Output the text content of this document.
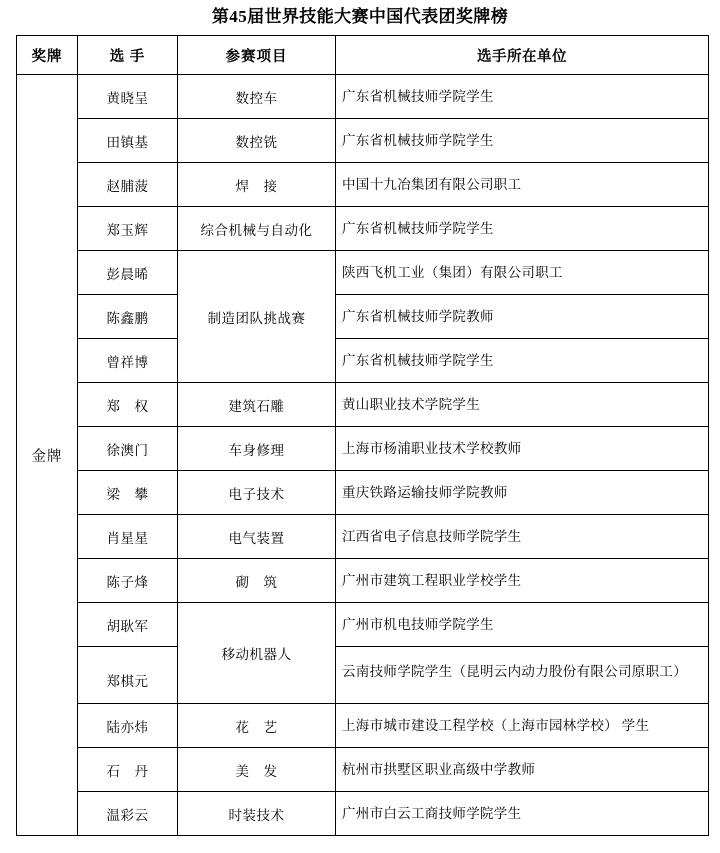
第45届世界技能大赛中国代表团奖牌榜
奖牌	选 手	参赛项目	选手所在单位
金牌	黄晓呈	数控车	广东省机械技师学院学生
	田镇基	数控铣	广东省机械技师学院学生
	赵脯菠	焊　接	中国十九冶集团有限公司职工
	郑玉辉	综合机械与自动化	广东省机械技师学院学生
	彭晨晞	制造团队挑战赛	陕西飞机工业（集团）有限公司职工
	陈鑫鹏		广东省机械技师学院教师
	曾祥博		广东省机械技师学院学生
	郑　权	建筑石雕	黄山职业技术学院学生
	徐澳门	车身修理	上海市杨浦职业技术学校教师
	梁　攀	电子技术	重庆铁路运输技师学院教师
	肖星星	电气装置	江西省电子信息技师学院学生
	陈子烽	砌　筑	广州市建筑工程职业学校学生
	胡耿军	移动机器人	广州市机电技师学院学生
	郑棋元		云南技师学院学生（昆明云内动力股份有限公司原职工）
	陆亦炜	花　艺	上海市城市建设工程学校（上海市园林学校） 学生
	石　丹	美　发	杭州市拱墅区职业高级中学教师
	温彩云	时装技术	广州市白云工商技师学院学生
